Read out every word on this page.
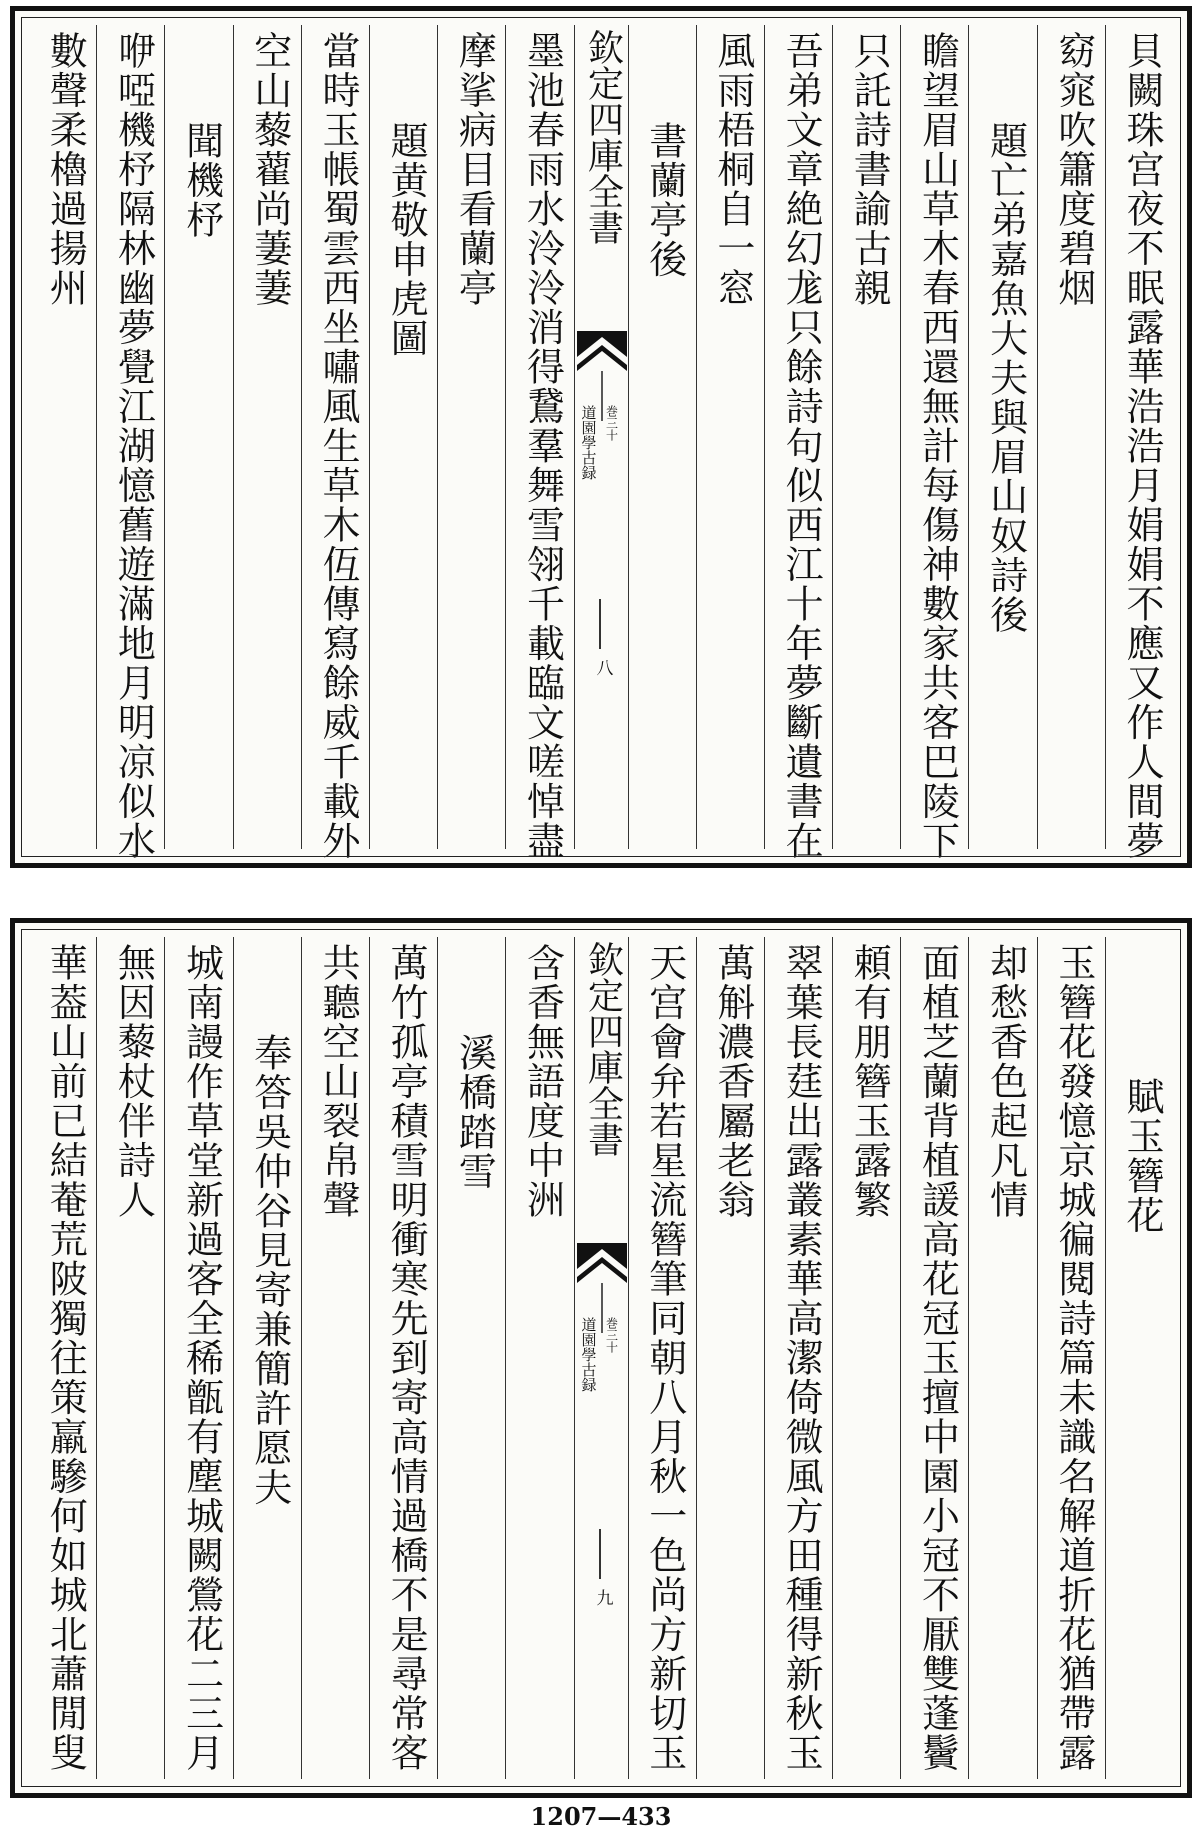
貝闕珠宫夜不眠露華浩浩月娟娟不應又作人間夢
窈窕吹簫度碧烟
題亡弟嘉魚大夫與眉山奴詩後
瞻望眉山草木春西還無計每傷神數家共客巴陵下
只託詩書諭古親
吾弟文章絶幻尨只餘詩句似西江十年夢斷遺書在
風雨梧桐自一窓
書蘭亭後
欽定四庫全書
道園學古録 巻三十
八
墨池春雨水泠泠消得鵞羣舞雪翎千載臨文嗟悼盡
摩挲病目看蘭亭
題黄敬申虎圖
當時玉帳蜀雲西坐嘯風生草木仾傳寫餘威千載外
空山藜藋尚萋萋
聞機杼
咿啞機杼隔林幽夢覺江湖憶舊遊滿地月明凉似水
數聲柔櫓過揚州
賦玉簪花
玉簪花發憶京城徧閱詩篇未識名解道折花猶帶露
却愁香色起凡情
面植芝蘭背植諼高花冠玉擅中園小冠不厭雙蓬鬢
頼有朋簪玉露繁
翠葉長莛出露叢素華高潔倚微風方田種得新秋玉
萬斛濃香屬老翁
天宫會弁若星流簪筆同朝八月秋一色尚方新切玉
欽定四庫全書
道園學古録 巻三十
九
含香無語度中洲
溪橋踏雪
萬竹孤亭積雪明衝寒先到寄高情過橋不是尋常客
共聽空山裂帛聲
奉答吳仲谷見寄兼簡許愿夫
城南謾作草堂新過客全稀甑有塵城闕鶯花二三月
無因藜杖伴詩人
華葢山前已結菴荒陂獨往策羸驂何如城北蕭閒叟
1207—433
